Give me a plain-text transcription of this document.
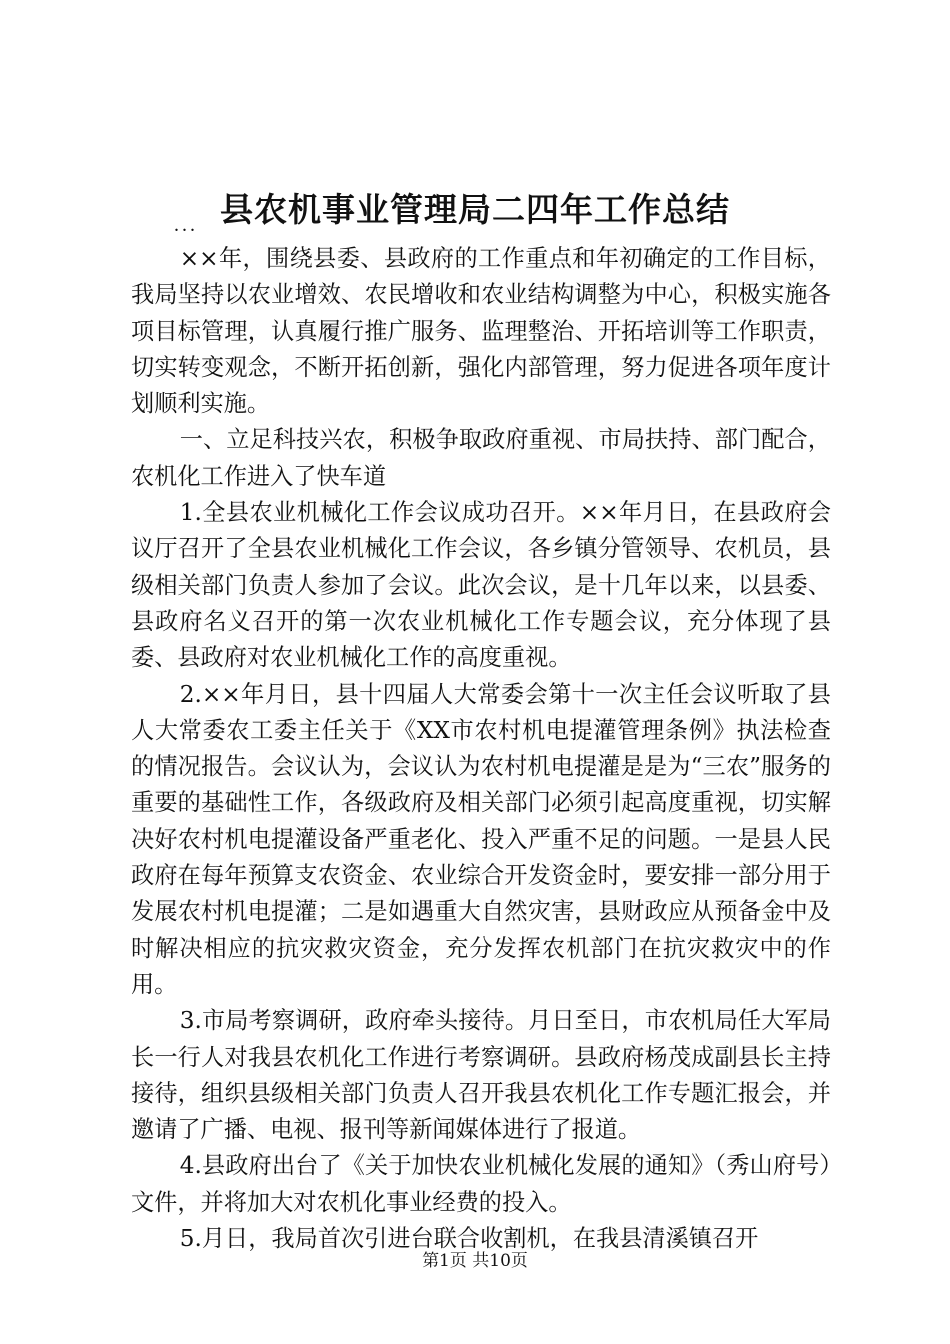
县农机事业管理局二四年工作总结
...

××年，围绕县委、县政府的工作重点和年初确定的工作目标，我局坚持以农业增效、农民增收和农业结构调整为中心，积极实施各项目标管理，认真履行推广服务、监理整治、开拓培训等工作职责，切实转变观念，不断开拓创新，强化内部管理，努力促进各项年度计划顺利实施。

一、立足科技兴农，积极争取政府重视、市局扶持、部门配合，农机化工作进入了快车道

1.全县农业机械化工作会议成功召开。××年月日，在县政府会议厅召开了全县农业机械化工作会议，各乡镇分管领导、农机员，县级相关部门负责人参加了会议。此次会议，是十几年以来，以县委、县政府名义召开的第一次农业机械化工作专题会议，充分体现了县委、县政府对农业机械化工作的高度重视。

2.××年月日，县十四届人大常委会第十一次主任会议听取了县人大常委农工委主任关于《XX市农村机电提灌管理条例》执法检查的情况报告。会议认为，会议认为农村机电提灌是是为“三农”服务的重要的基础性工作，各级政府及相关部门必须引起高度重视，切实解决好农村机电提灌设备严重老化、投入严重不足的问题。一是县人民政府在每年预算支农资金、农业综合开发资金时，要安排一部分用于发展农村机电提灌；二是如遇重大自然灾害，县财政应从预备金中及时解决相应的抗灾救灾资金，充分发挥农机部门在抗灾救灾中的作用。

3.市局考察调研，政府牵头接待。月日至日，市农机局任大军局长一行人对我县农机化工作进行考察调研。县政府杨茂成副县长主持接待，组织县级相关部门负责人召开我县农机化工作专题汇报会，并邀请了广播、电视、报刊等新闻媒体进行了报道。

4.县政府出台了《关于加快农业机械化发展的通知》（秀山府号）文件，并将加大对农机化事业经费的投入。

5.月日，我局首次引进台联合收割机，在我县清溪镇召开

第1页 共10页
